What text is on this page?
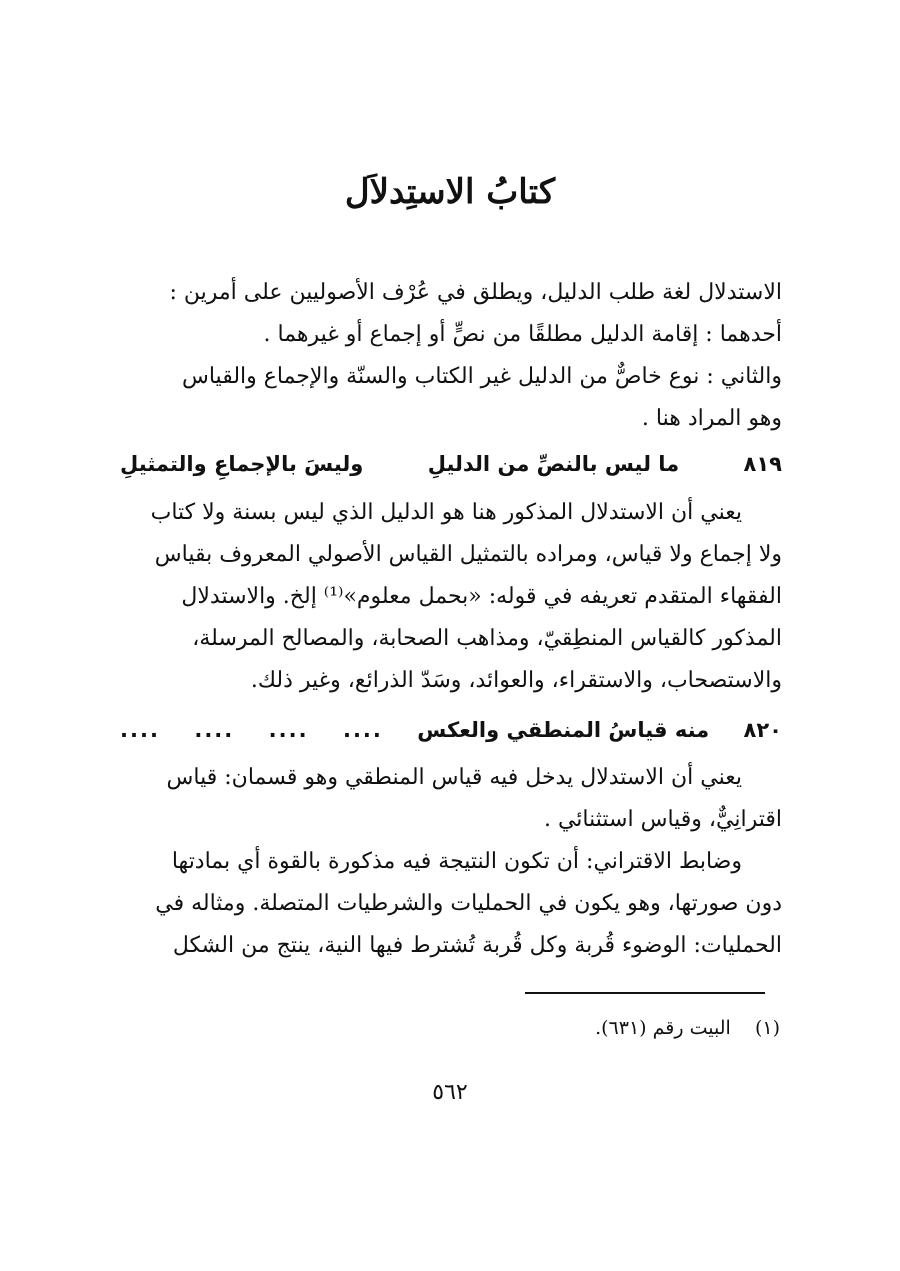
كتابُ الاستِدلاَل
الاستدلال لغة طلب الدليل، ويطلق في عُرْف الأصوليين على أمرين :
أحدهما : إقامة الدليل مطلقًا من نصٍّ أو إجماع أو غيرهما .
والثاني : نوع خاصٌّ من الدليل غير الكتاب والسنّة والإجماع والقياس
وهو المراد هنا .
٨١٩
ما ليس بالنصِّ من الدليلِ
وليسَ بالإجماعِ والتمثيلِ
يعني أن الاستدلال المذكور هنا هو الدليل الذي ليس بسنة ولا كتاب
ولا إجماع ولا قياس، ومراده بالتمثيل القياس الأصولي المعروف بقياس
الفقهاء المتقدم تعريفه في قوله: «بحمل معلوم»⁽¹⁾ إلخ. والاستدلال
المذكور كالقياس المنطِقيّ، ومذاهب الصحابة، والمصالح المرسلة،
والاستصحاب، والاستقراء، والعوائد، وسَدّ الذرائع، وغير ذلك.
٨٢٠
منه قياسُ المنطقي والعكس
....
....
....
....
يعني أن الاستدلال يدخل فيه قياس المنطقي وهو قسمان: قياس
اقترانِيٌّ، وقياس استثنائي .
وضابط الاقتراني: أن تكون النتيجة فيه مذكورة بالقوة أي بمادتها
دون صورتها، وهو يكون في الحمليات والشرطيات المتصلة. ومثاله في
الحمليات: الوضوء قُربة وكل قُربة تُشترط فيها النية، ينتج من الشكل
(١)    البيت رقم (٦٣١).
٥٦٢
